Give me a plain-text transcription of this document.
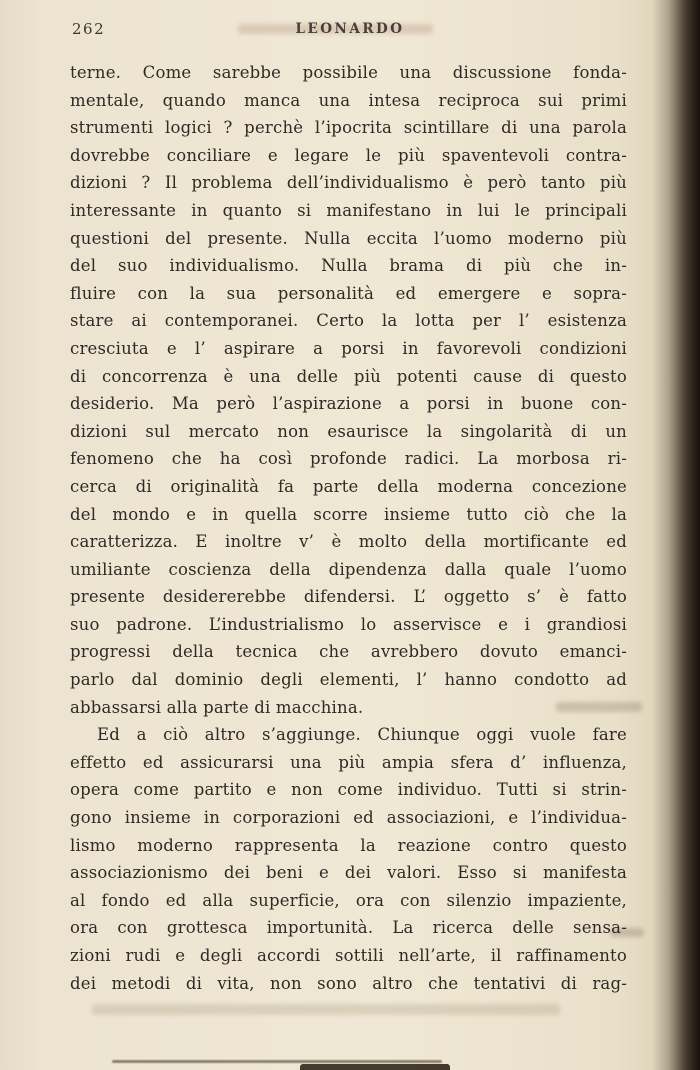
262	LEONARDO
terne. Come sarebbe possibile una discussione fonda-
mentale, quando manca una intesa reciproca sui primi
strumenti logici ? perchè l’ipocrita scintillare di una parola
dovrebbe conciliare e legare le più spaventevoli contra-
dizioni ? Il problema dell’individualismo è però tanto più
interessante in quanto si manifestano in lui le principali
questioni del presente. Nulla eccita l’uomo moderno più
del suo individualismo. Nulla brama di più che in-
fluire con la sua personalità ed emergere e sopra-
stare ai contemporanei. Certo la lotta per l’ esistenza
cresciuta e l’ aspirare a porsi in favorevoli condizioni
di concorrenza è una delle più potenti cause di questo
desiderio. Ma però l’aspirazione a porsi in buone con-
dizioni sul mercato non esaurisce la singolarità di un
fenomeno che ha così profonde radici. La morbosa ri-
cerca di originalità fa parte della moderna concezione
del mondo e in quella scorre insieme tutto ciò che la
caratterizza. E inoltre v’ è molto della mortificante ed
umiliante coscienza della dipendenza dalla quale l’uomo
presente desidererebbe difendersi. L’ oggetto s’ è fatto
suo padrone. L’industrialismo lo asservisce e i grandiosi
progressi della tecnica che avrebbero dovuto emanci-
parlo dal dominio degli elementi, l’ hanno condotto ad
abbassarsi alla parte di macchina.
Ed a ciò altro s’aggiunge. Chiunque oggi vuole fare
effetto ed assicurarsi una più ampia sfera d’ influenza,
opera come partito e non come individuo. Tutti si strin-
gono insieme in corporazioni ed associazioni, e l’individua-
lismo moderno rappresenta la reazione contro questo
associazionismo dei beni e dei valori. Esso si manifesta
al fondo ed alla superficie, ora con silenzio impaziente,
ora con grottesca importunità. La ricerca delle sensa-
zioni rudi e degli accordi sottili nell’arte, il raffinamento
dei metodi di vita, non sono altro che tentativi di rag-
